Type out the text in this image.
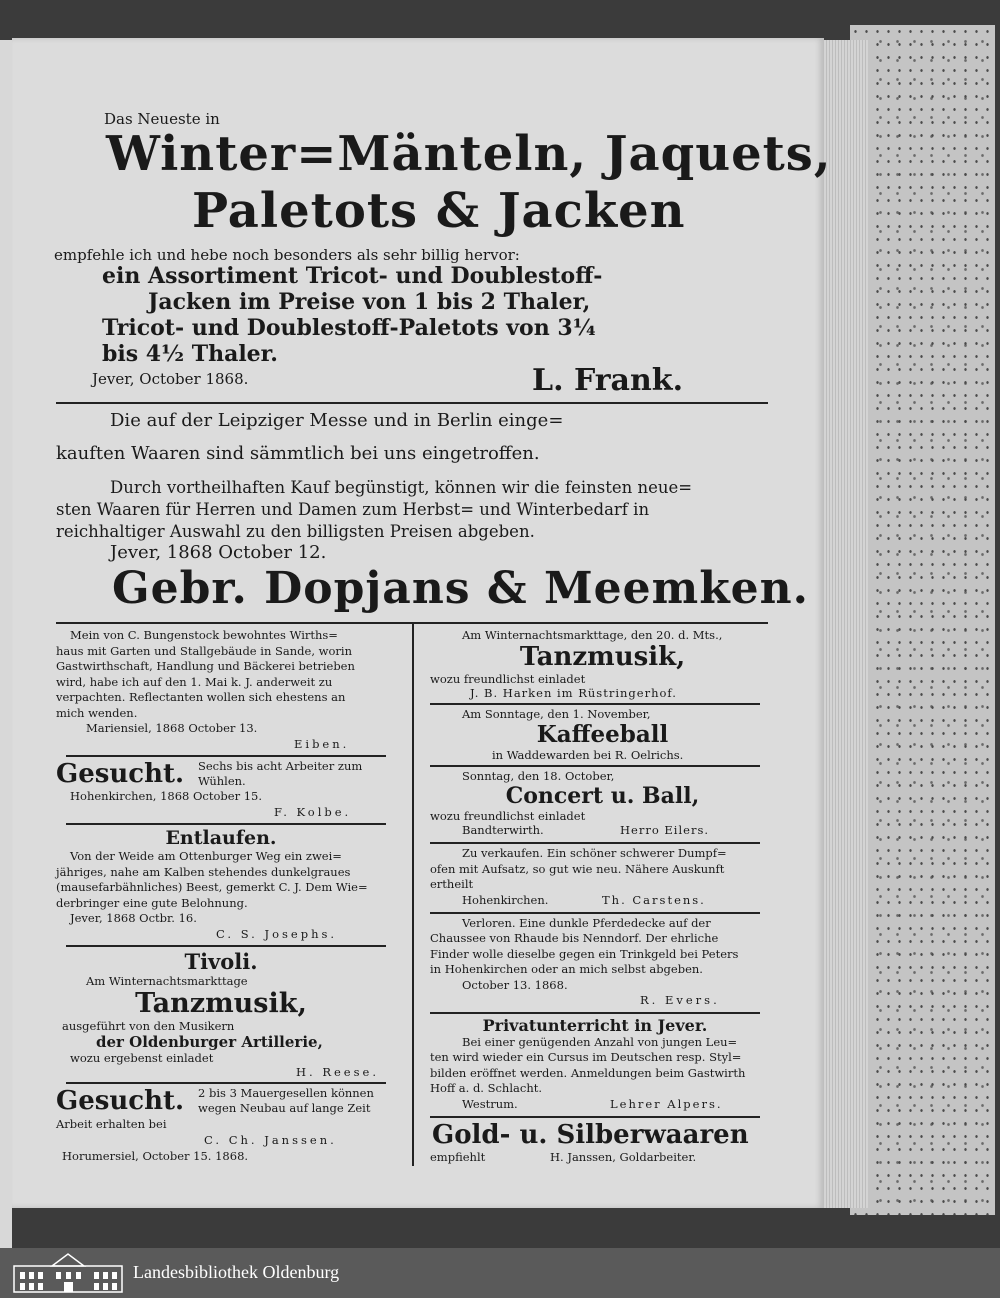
Das Neueste in
Winter=Mänteln, Jaquets,
Paletots & Jacken
empfehle ich und hebe noch besonders als sehr billig hervor:
ein Assortiment Tricot- und Doublestoff-
Jacken im Preise von 1 bis 2 Thaler,
Tricot- und Doublestoff-Paletots von 3¼
bis 4½ Thaler.
Jever, October 1868.	L. Frank.
Die auf der Leipziger Messe und in Berlin einge=
kauften Waaren sind sämmtlich bei uns eingetroffen.
Durch vortheilhaften Kauf begünstigt, können wir die feinsten neue=
sten Waaren für Herren und Damen zum Herbst= und Winterbedarf in
reichhaltiger Auswahl zu den billigsten Preisen abgeben.
Jever, 1868 October 12.
Gebr. Dopjans & Meemken.
Mein von C. Bungenstock bewohntes Wirths=
haus mit Garten und Stallgebäude in Sande, worin
Gastwirthschaft, Handlung und Bäckerei betrieben
wird, habe ich auf den 1. Mai k. J. anderweit zu
verpachten. Reflectanten wollen sich ehestens an
mich wenden.
Mariensiel, 1868 October 13.
Eiben.
Gesucht. Sechs bis acht Arbeiter zum
Wühlen.
Hohenkirchen, 1868 October 15.
F. Kolbe.
Entlaufen.
Von der Weide am Ottenburger Weg ein zwei=
jähriges, nahe am Kalben stehendes dunkelgraues
(mausefarbähnliches) Beest, gemerkt C. J. Dem Wie=
derbringer eine gute Belohnung.
Jever, 1868 Octbr. 16.
C. S. Josephs.
Tivoli.
Am Winternachtsmarkttage
Tanzmusik,
ausgeführt von den Musikern
der Oldenburger Artillerie,
wozu ergebenst einladet
H. Reese.
Gesucht. 2 bis 3 Mauergesellen können
wegen Neubau auf lange Zeit
Arbeit erhalten bei
C. Ch. Janssen.
Horumersiel, October 15. 1868.
Am Winternachtsmarkttage, den 20. d. Mts.,
Tanzmusik,
wozu freundlichst einladet
J. B. Harken im Rüstringerhof.
Am Sonntage, den 1. November,
Kaffeeball
in Waddewarden bei R. Oelrichs.
Sonntag, den 18. October,
Concert u. Ball,
wozu freundlichst einladet
Bandterwirth.	Herro Eilers.
Zu verkaufen. Ein schöner schwerer Dumpf=
ofen mit Aufsatz, so gut wie neu. Nähere Auskunft
ertheilt
Hohenkirchen.	Th. Carstens.
Verloren. Eine dunkle Pferdedecke auf der
Chaussee von Rhaude bis Nenndorf. Der ehrliche
Finder wolle dieselbe gegen ein Trinkgeld bei Peters
in Hohenkirchen oder an mich selbst abgeben.
October 13. 1868.
R. Evers.
Privatunterricht in Jever.
Bei einer genügenden Anzahl von jungen Leu=
ten wird wieder ein Cursus im Deutschen resp. Styl=
bilden eröffnet werden. Anmeldungen beim Gastwirth
Hoff a. d. Schlacht.
Westrum.	Lehrer Alpers.
Gold- u. Silberwaaren
empfiehlt	H. Janssen, Goldarbeiter.
Landesbibliothek Oldenburg
